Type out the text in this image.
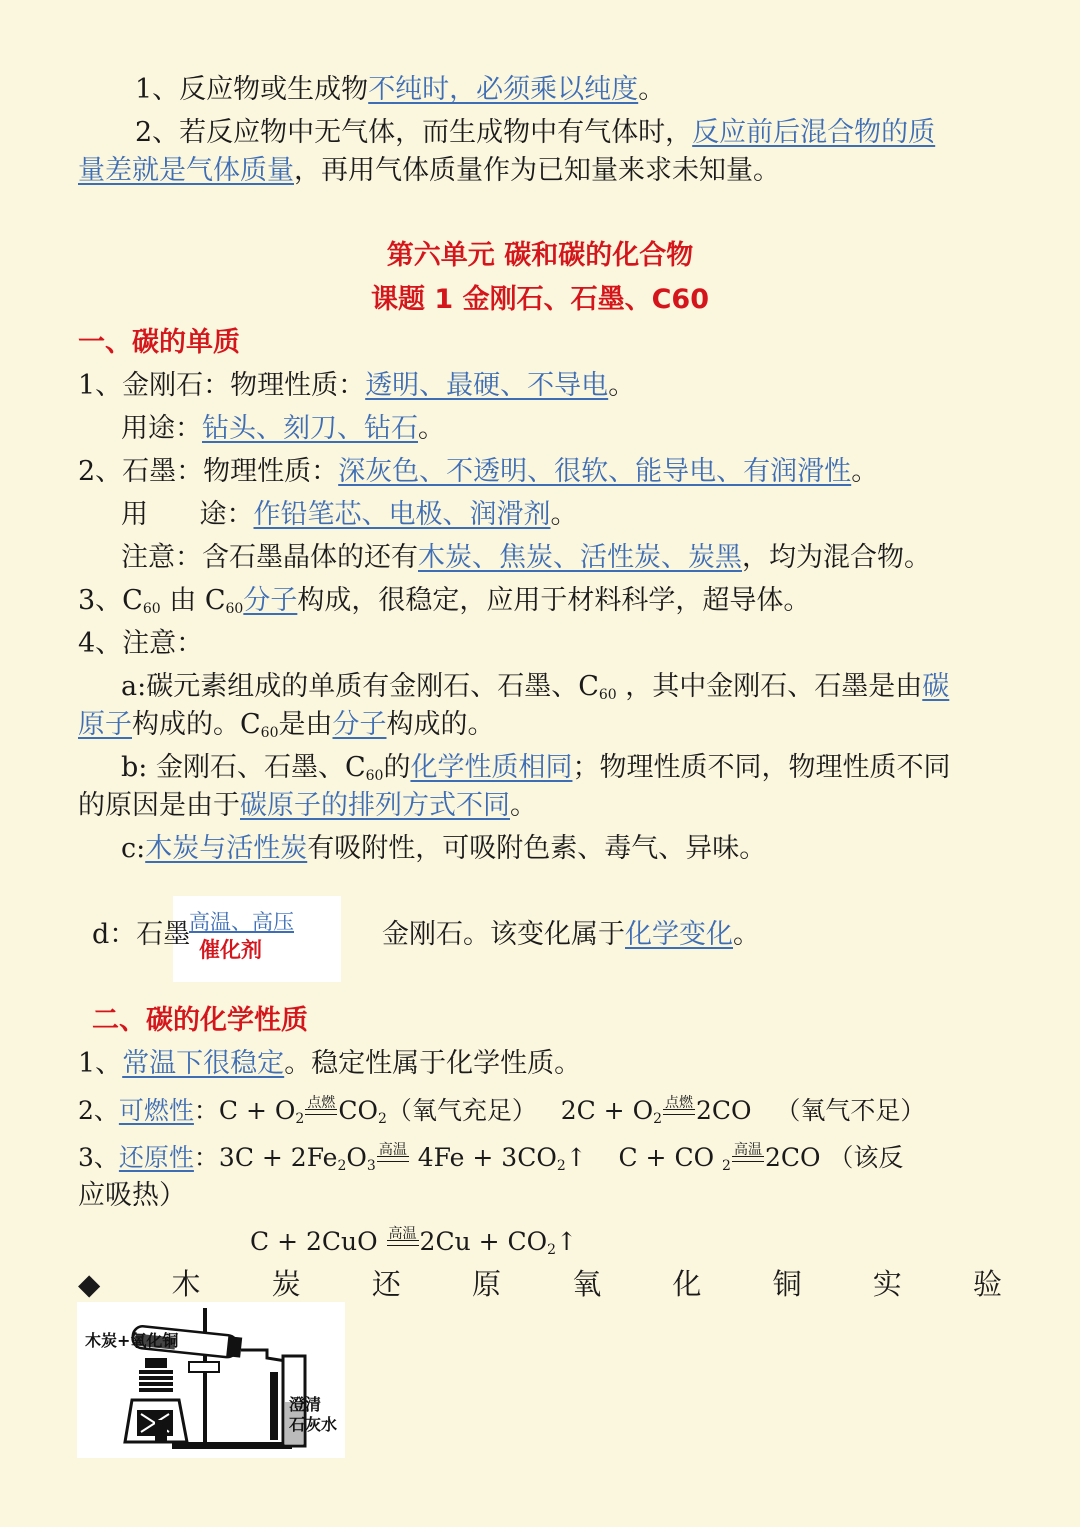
1、反应物或生成物不纯时，必须乘以纯度。
2、若反应物中无气体，而生成物中有气体时，反应前后混合物的质
量差就是气体质量，再用气体质量作为已知量来求未知量。
第六单元 碳和碳的化合物
课题 1 金刚石、石墨、C60
一、碳的单质
1、金刚石：物理性质：透明、最硬、不导电。
用途：钻头、刻刀、钻石。
2、石墨：物理性质：深灰色、不透明、很软、能导电、有润滑性。
用      途：作铅笔芯、电极、润滑剂。
注意：含石墨晶体的还有木炭、焦炭、活性炭、炭黑，均为混合物。
3、$C_{60}$ 由 $C_{60}$分子构成，很稳定，应用于材料科学，超导体。
4、注意：
a:碳元素组成的单质有金刚石、石墨、$C_{60}$ ，其中金刚石、石墨是由碳
原子构成的。$C_{60}$是由分子构成的。
b: 金刚石、石墨、$C_{60}$的化学性质相同；物理性质不同，物理性质不同
的原因是由于碳原子的排列方式不同。
c:木炭与活性炭有吸附性，可吸附色素、毒气、异味。
高温、高压
催化剂
d：石墨	金刚石。该变化属于化学变化。
二、碳的化学性质
1、常温下很稳定。稳定性属于化学性质。
2、可燃性：$C + O_2$点燃 $CO_2$（氧气充足）   $2C + O_2$点燃 2CO   （氧气不足）
3、还原性：$3C + 2Fe_2O_3$高温 $4Fe + 3CO_2↑$    C + CO $_2$高温 2CO （该反
应吸热）
C + 2CuO 高温 $2Cu + CO_2↑$
◆ 木 炭 还 原 氧 化 铜 实 验
木炭+氧化铜
澄清
石灰水
